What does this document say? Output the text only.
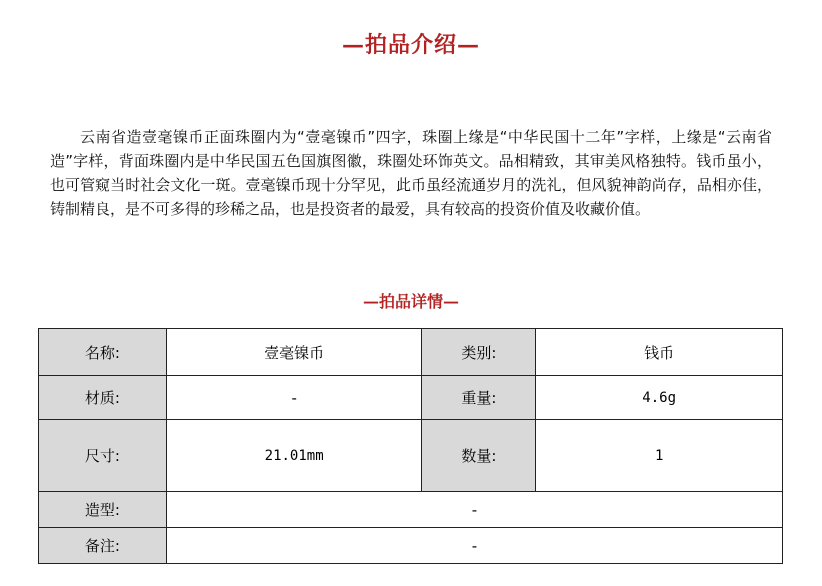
—拍品介绍—

云南省造壹毫镍币正面珠圈内为“壹毫镍币”四字，珠圈上缘是“中华民国十二年”字样，上缘是“云南省造”字样，背面珠圈内是中华民国五色国旗图徽，珠圈处环饰英文。品相精致，其审美风格独特。钱币虽小，也可管窥当时社会文化一斑。壹毫镍币现十分罕见，此币虽经流通岁月的洗礼，但风貌神韵尚存，品相亦佳，铸制精良，是不可多得的珍稀之品，也是投资者的最爱，具有较高的投资价值及收藏价值。

—拍品详情—
名称:	壹毫镍币	类别:	钱币
材质:	-	重量:	4.6g
尺寸:	21.01mm	数量:	1
造型:	-		
备注:	-		
